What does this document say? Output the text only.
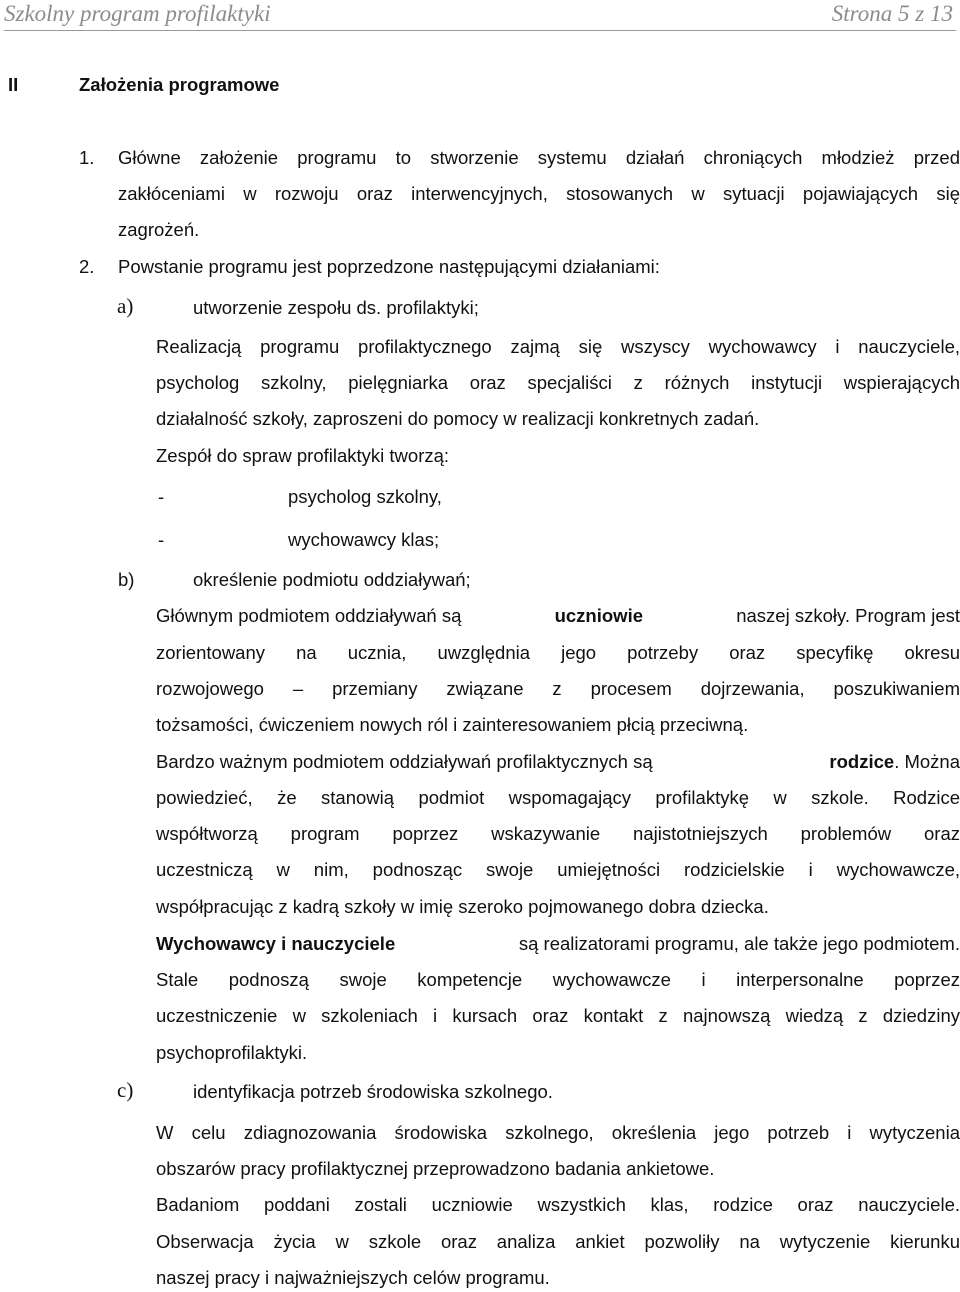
Szkolny program profilaktyki	Strona 5 z 13
II	Założenia programowe
1. Główne założenie programu to stworzenie systemu działań chroniących młodzież przed
zakłóceniami w rozwoju oraz interwencyjnych, stosowanych w sytuacji pojawiających się
zagrożeń.
2. Powstanie programu jest poprzedzone następującymi działaniami:
a)	utworzenie zespołu ds. profilaktyki;
Realizacją programu profilaktycznego zajmą się wszyscy wychowawcy i nauczyciele,
psycholog szkolny, pielęgniarka oraz specjaliści z różnych instytucji wspierających
działalność szkoły, zaproszeni do pomocy w realizacji konkretnych zadań.
Zespół do spraw profilaktyki tworzą:
-	psycholog szkolny,
-	wychowawcy klas;
b)	określenie podmiotu oddziaływań;
Głównym podmiotem oddziaływań są	uczniowie	naszej szkoły. Program jest
zorientowany na ucznia, uwzględnia jego potrzeby oraz specyfikę okresu
rozwojowego – przemiany związane z procesem dojrzewania, poszukiwaniem
tożsamości, ćwiczeniem nowych ról i zainteresowaniem płcią przeciwną.
Bardzo ważnym podmiotem oddziaływań profilaktycznych są	rodzice. Można
powiedzieć, że stanowią podmiot wspomagający profilaktykę w szkole. Rodzice
współtworzą program poprzez wskazywanie najistotniejszych problemów oraz
uczestniczą w nim, podnosząc swoje umiejętności rodzicielskie i wychowawcze,
współpracując z kadrą szkoły w imię szeroko pojmowanego dobra dziecka.
Wychowawcy i nauczyciele	są realizatorami programu, ale także jego podmiotem.
Stale podnoszą swoje kompetencje wychowawcze i interpersonalne poprzez
uczestniczenie w szkoleniach i kursach oraz kontakt z najnowszą wiedzą z dziedziny
psychoprofilaktyki.
c)	identyfikacja potrzeb środowiska szkolnego.
W celu zdiagnozowania środowiska szkolnego, określenia jego potrzeb i wytyczenia
obszarów pracy profilaktycznej przeprowadzono badania ankietowe.
Badaniom poddani zostali uczniowie wszystkich klas, rodzice oraz nauczyciele.
Obserwacja życia w szkole oraz analiza ankiet pozwoliły na wytyczenie kierunku
naszej pracy i najważniejszych celów programu.
